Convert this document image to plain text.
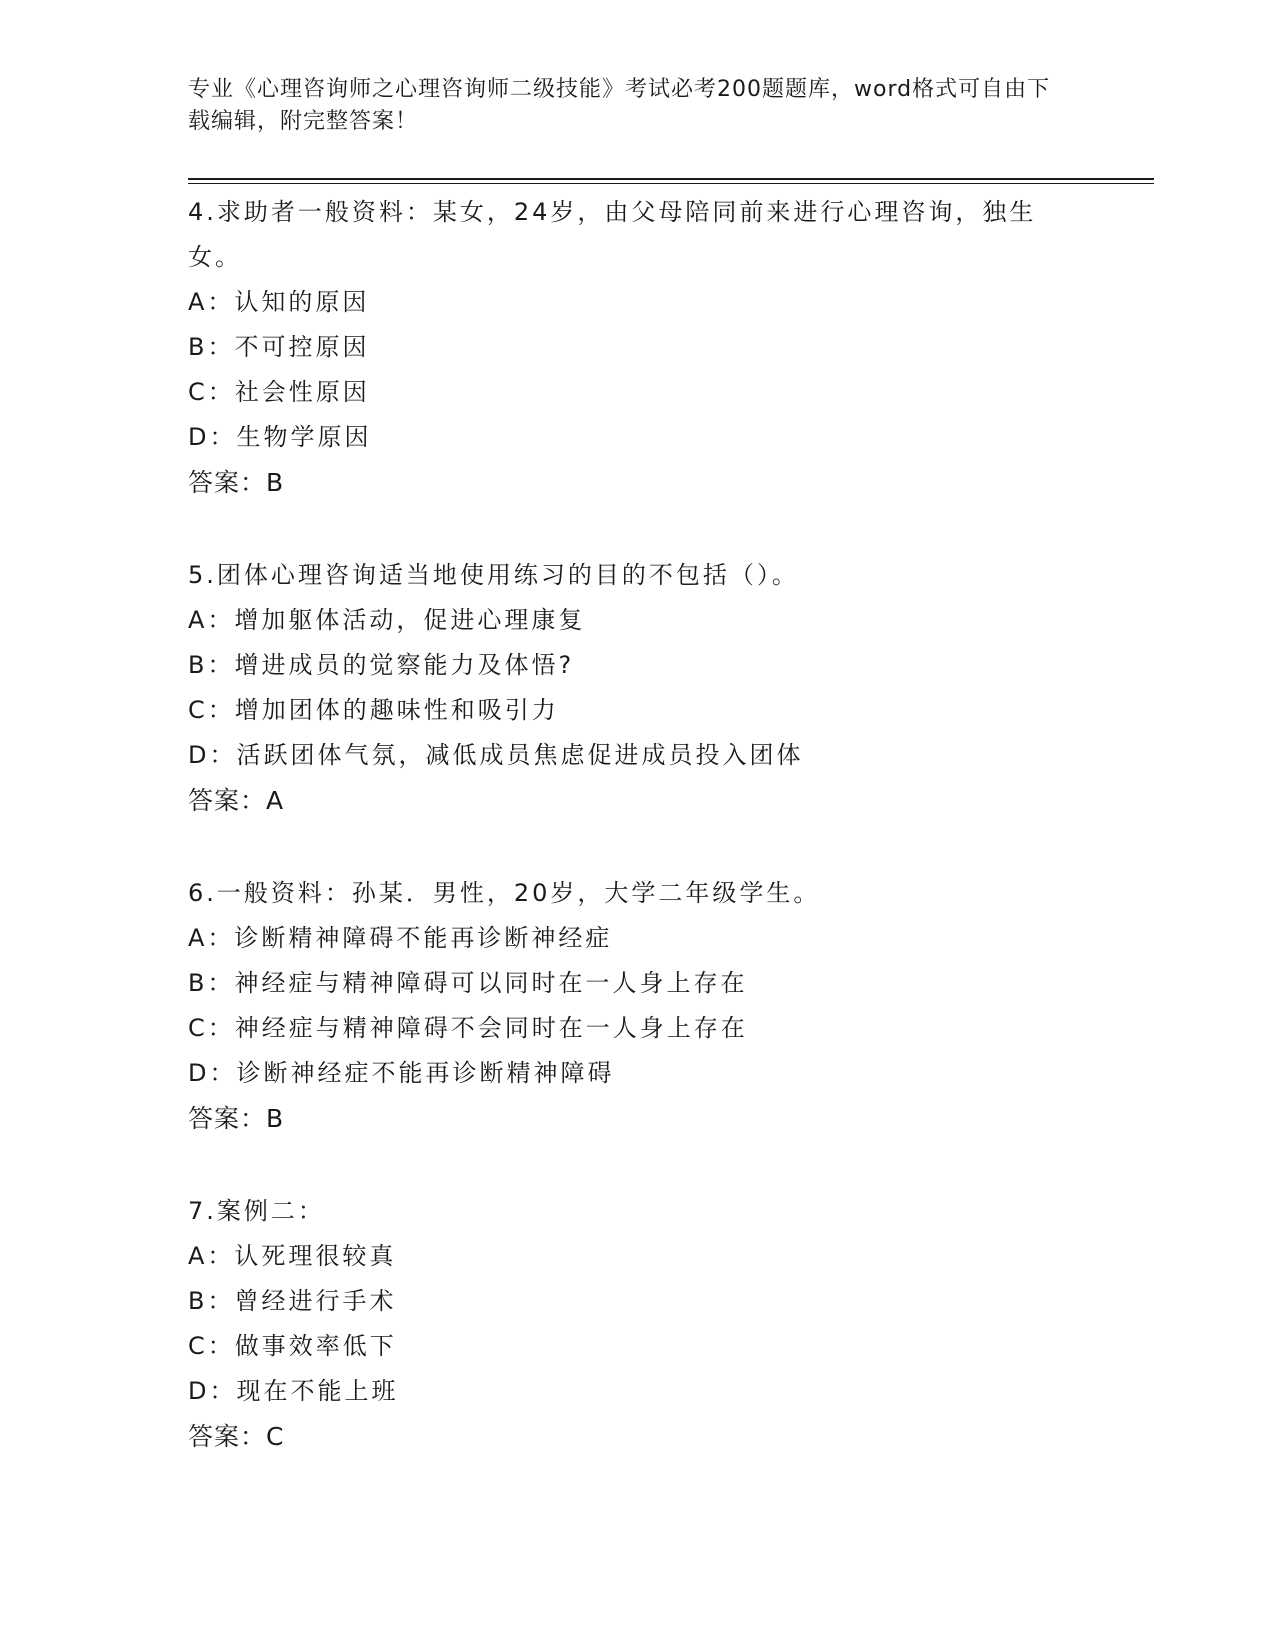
专业《心理咨询师之心理咨询师二级技能》考试必考200题题库，word格式可自由下载编辑，附完整答案！
4.求助者一般资料：某女，24岁，由父母陪同前来进行心理咨询，独生女。
A：认知的原因
B：不可控原因
C：社会性原因
D：生物学原因
答案：B
5.团体心理咨询适当地使用练习的目的不包括（）。
A：增加躯体活动，促进心理康复
B：增进成员的觉察能力及体悟?
C：增加团体的趣味性和吸引力
D：活跃团体气氛，减低成员焦虑促进成员投入团体
答案：A
6.一般资料：孙某．男性，20岁，大学二年级学生。
A：诊断精神障碍不能再诊断神经症
B：神经症与精神障碍可以同时在一人身上存在
C：神经症与精神障碍不会同时在一人身上存在
D：诊断神经症不能再诊断精神障碍
答案：B
7.案例二：
A：认死理很较真
B：曾经进行手术
C：做事效率低下
D：现在不能上班
答案：C
